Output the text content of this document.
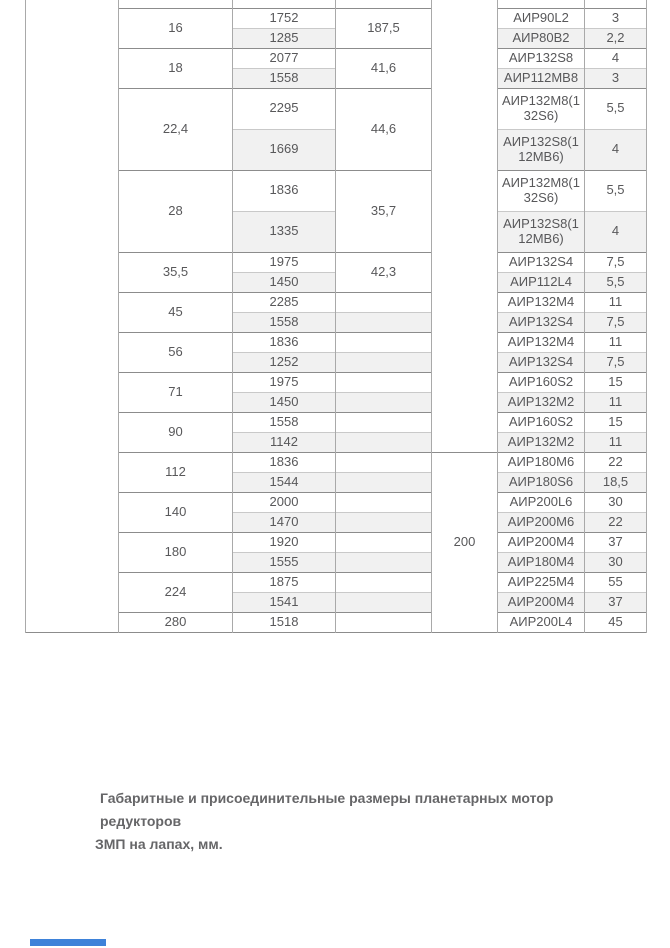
	16	1752	187,5		АИР90L2	3
		1285			АИР80В2	2,2
	18	2077	41,6		АИР132S8	4
		1558			АИР112МВ8	3
	22,4	2295	44,6		АИР132М8(132S6)	5,5
		1669			АИР132S8(112МВ6)	4
	28	1836	35,7		АИР132М8(132S6)	5,5
		1335			АИР132S8(112МВ6)	4
	35,5	1975	42,3		АИР132S4	7,5
		1450			АИР112L4	5,5
	45	2285			АИР132М4	11
		1558			АИР132S4	7,5
	56	1836			АИР132М4	11
		1252			АИР132S4	7,5
	71	1975			АИР160S2	15
		1450			АИР132М2	11
	90	1558			АИР160S2	15
		1142			АИР132М2	11
	112	1836		200	АИР180М6	22
		1544			АИР180S6	18,5
	140	2000			АИР200L6	30
		1470			АИР200М6	22
	180	1920			АИР200М4	37
		1555			АИР180М4	30
	224	1875			АИР225М4	55
		1541			АИР200М4	37
	280	1518			АИР200L4	45
Габаритные и присоединительные размеры планетарных мотор редукторов
ЗМП на лапах, мм.
